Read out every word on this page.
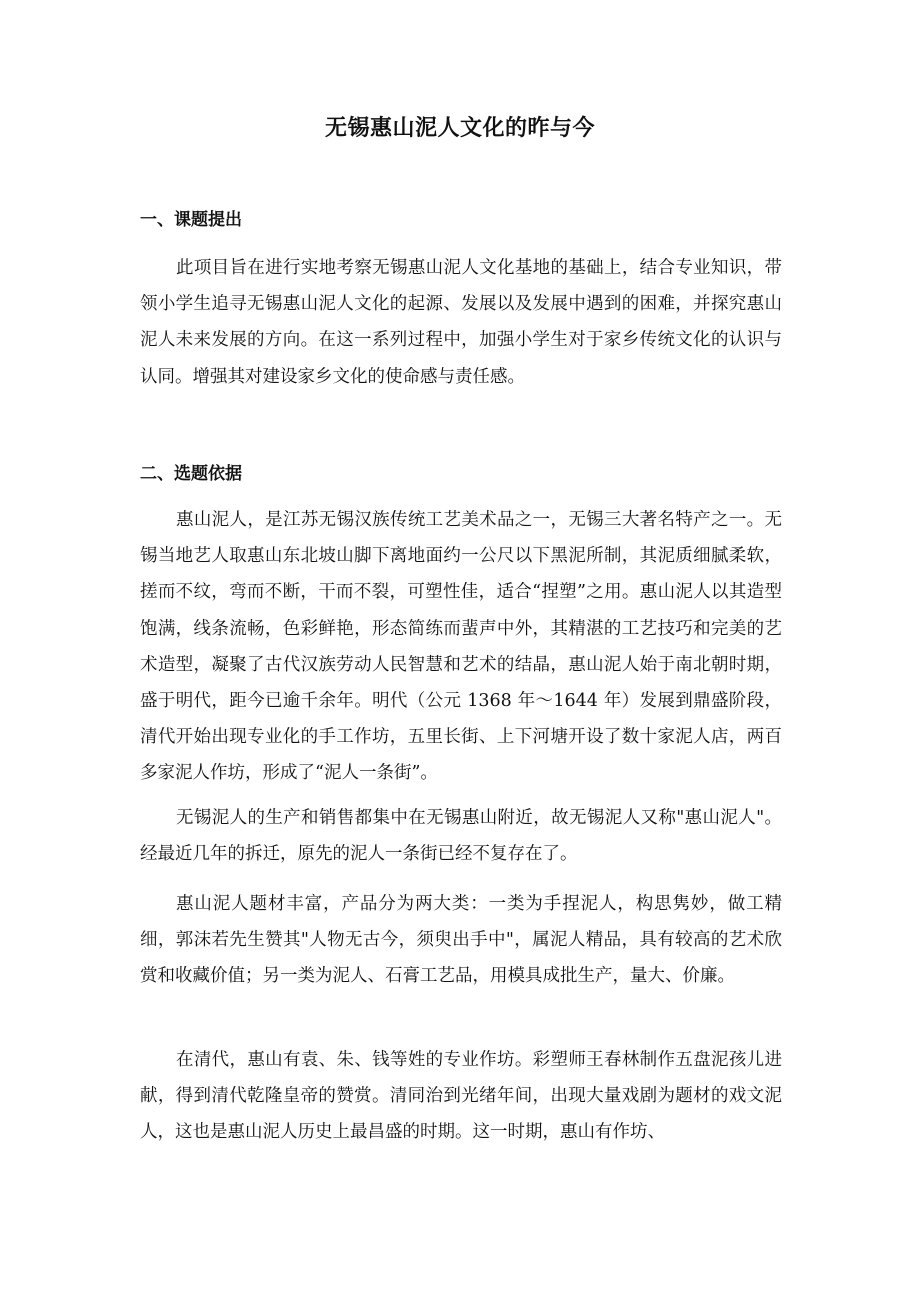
无锡惠山泥人文化的昨与今
一、课题提出

此项目旨在进行实地考察无锡惠山泥人文化基地的基础上，结合专业知识，带领小学生追寻无锡惠山泥人文化的起源、发展以及发展中遇到的困难，并探究惠山泥人未来发展的方向。在这一系列过程中，加强小学生对于家乡传统文化的认识与认同。增强其对建设家乡文化的使命感与责任感。

二、选题依据

惠山泥人，是江苏无锡汉族传统工艺美术品之一，无锡三大著名特产之一。无锡当地艺人取惠山东北坡山脚下离地面约一公尺以下黑泥所制，其泥质细腻柔软，搓而不纹，弯而不断，干而不裂，可塑性佳，适合“捏塑”之用。惠山泥人以其造型饱满，线条流畅，色彩鲜艳，形态简练而蜚声中外，其精湛的工艺技巧和完美的艺术造型，凝聚了古代汉族劳动人民智慧和艺术的结晶，惠山泥人始于南北朝时期，盛于明代，距今已逾千余年。明代（公元 1368 年～1644 年）发展到鼎盛阶段，清代开始出现专业化的手工作坊，五里长街、上下河塘开设了数十家泥人店，两百多家泥人作坊，形成了“泥人一条街”。

无锡泥人的生产和销售都集中在无锡惠山附近，故无锡泥人又称"惠山泥人"。经最近几年的拆迁，原先的泥人一条街已经不复存在了。

惠山泥人题材丰富，产品分为两大类：一类为手捏泥人，构思隽妙，做工精细，郭沫若先生赞其"人物无古今，须臾出手中"，属泥人精品，具有较高的艺术欣赏和收藏价值；另一类为泥人、石膏工艺品，用模具成批生产，量大、价廉。

在清代，惠山有袁、朱、钱等姓的专业作坊。彩塑师王春林制作五盘泥孩儿进献，得到清代乾隆皇帝的赞赏。清同治到光绪年间，出现大量戏剧为题材的戏文泥人，这也是惠山泥人历史上最昌盛的时期。这一时期，惠山有作坊、
